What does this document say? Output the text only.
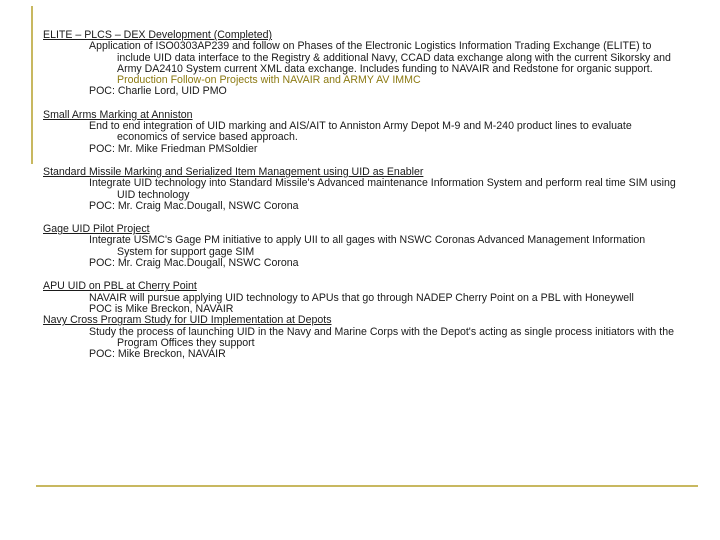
ELITE – PLCS – DEX Development (Completed)
Application of ISO0303AP239 and follow on Phases of the Electronic Logistics Information Trading Exchange (ELITE) to include UID data interface to the Registry & additional Navy, CCAD data exchange along with the current Sikorsky and Army DA2410 System current XML data exchange. Includes funding to NAVAIR and Redstone for organic support. Production Follow-on Projects with NAVAIR and ARMY AV IMMC
POC: Charlie Lord, UID PMO
Small Arms Marking at Anniston
End to end integration of UID marking and AIS/AIT to Anniston Army Depot M-9 and M-240 product lines to evaluate economics of service based approach.
POC: Mr. Mike Friedman PMSoldier
Standard Missile Marking and Serialized Item Management using UID as Enabler
Integrate UID technology into Standard Missile's Advanced maintenance Information System and perform real time SIM using UID technology
POC: Mr. Craig Mac.Dougall, NSWC Corona
Gage UID Pilot Project
Integrate USMC's Gage PM initiative to apply UII to all gages with NSWC Coronas Advanced Management Information System for support gage SIM
POC: Mr. Craig Mac.Dougall, NSWC Corona
APU UID on PBL at Cherry Point
NAVAIR will pursue applying UID technology to APUs that go through NADEP Cherry Point on a PBL with Honeywell
POC is Mike Breckon, NAVAIR
Navy Cross Program Study for UID Implementation at Depots
Study the process of launching UID in the Navy and Marine Corps with the Depot's acting as single process initiators with the Program Offices they support
POC: Mike Breckon, NAVAIR
